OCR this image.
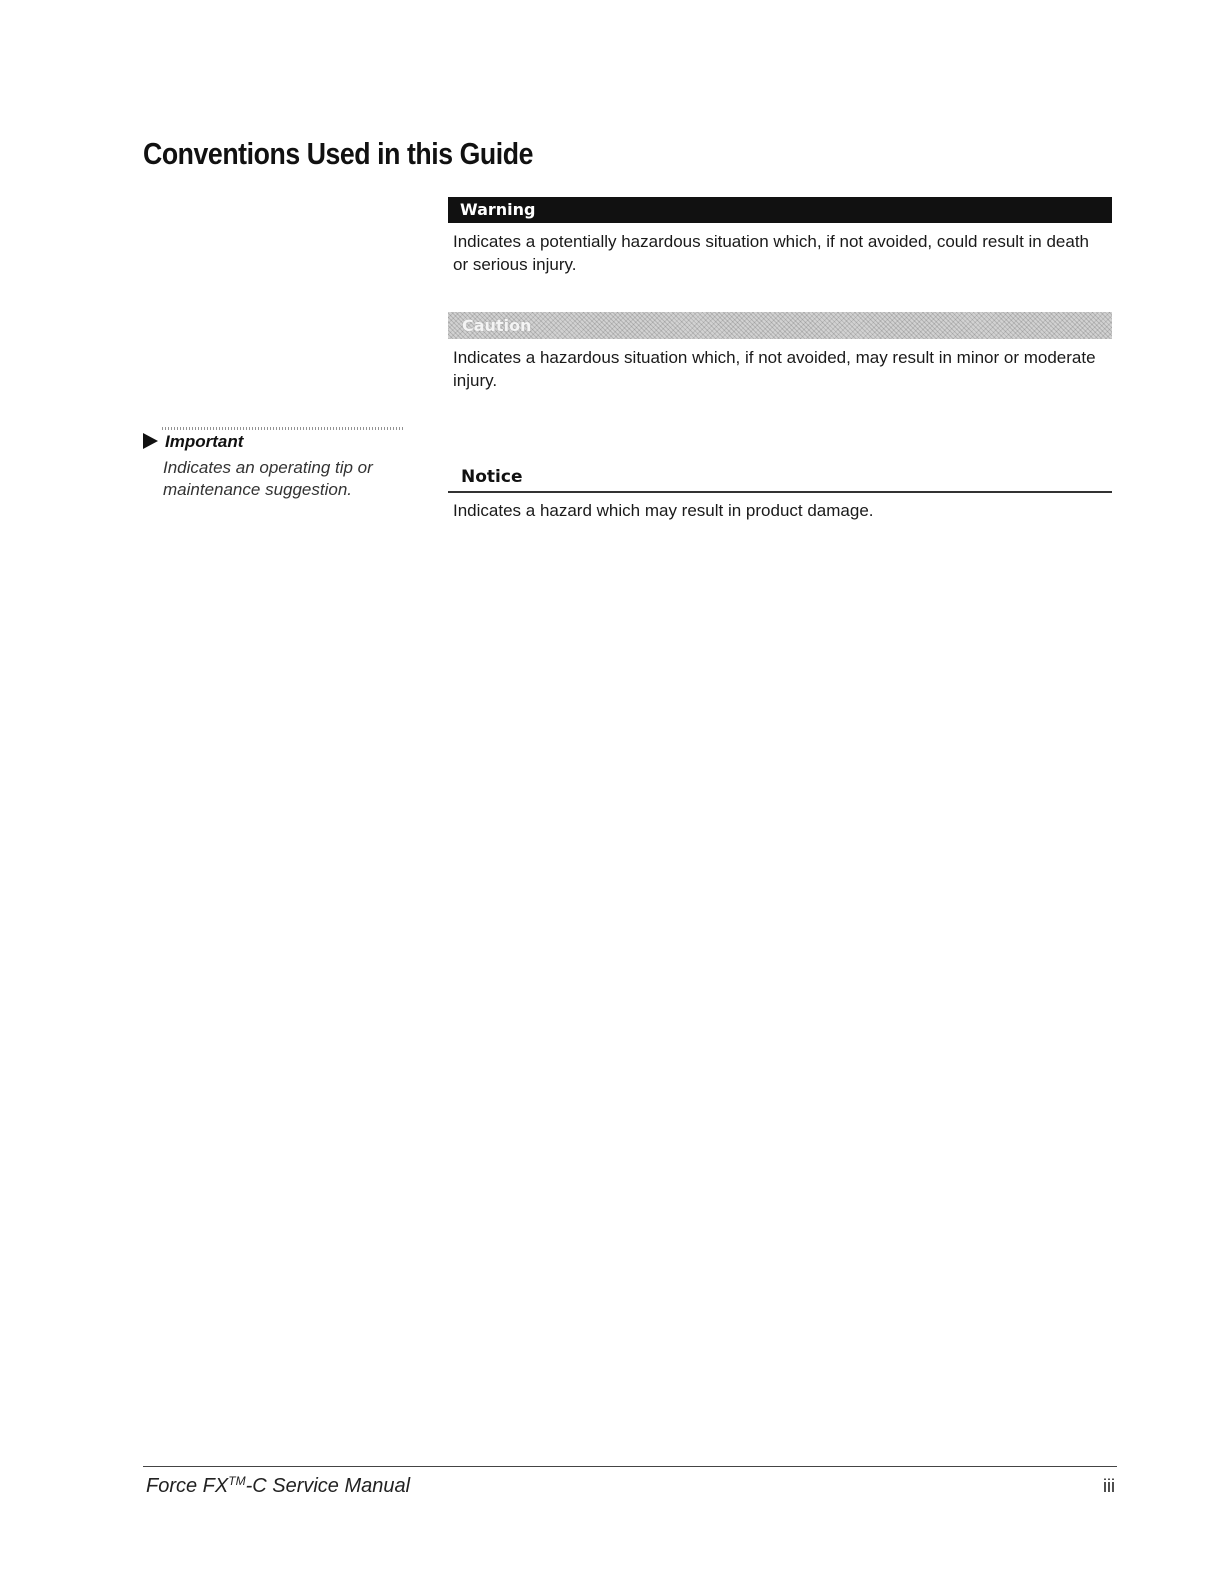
Conventions Used in this Guide
Warning

Indicates a potentially hazardous situation which, if not avoided, could result in death or serious injury.

Caution

Indicates a hazardous situation which, if not avoided, may result in minor or moderate injury.

Important

Indicates an operating tip or maintenance suggestion.

Notice

Indicates a hazard which may result in product damage.

Force FX™-C Service Manual	iii
